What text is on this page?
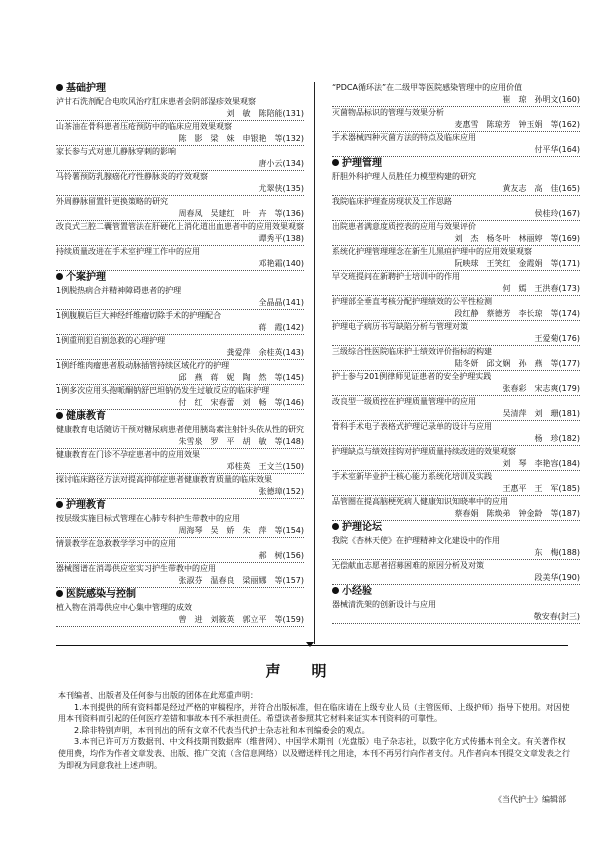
基础护理
泸甘石洗剂配合电吹风治疗肛床患者会阴部湿疹效果观察
刘　敏　陈陪能(131)
山茶油在骨科患者压疮预防中的临床应用效果观察
陈　影　梁　妹　申银艳　等(132)
家长参与式对患儿静脉穿刺的影响
唐小云(134)
马铃薯预防乳腺癌化疗性静脉炎的疗效观察
尤翠侠(135)
外周静脉留置针更换策略的研究
周春凤　吴建红　叶　卉　等(136)
改良式三腔二囊管置管法在肝硬化上消化道出血患者中的应用效果观察
谭秀平(138)
持续质量改进在手术室护理工作中的应用
邓艳霜(140)
个案护理
1例脱热病合并精神障碍患者的护理
全晶晶(141)
1例腹膜后巨大神经纤维瘤切除手术的护理配合
蒋　霞(142)
1例重刑犯自割急救的心理护理
龚爱萍　余桂英(143)
1例纤维肉瘤患者股动脉插管持续区域化疗的护理
邱　燕　蒋　妮　陶　然　等(145)
1例多次应用头孢哌酮钠舒巴坦钠仍发生过敏反应的临床护理
付　红　宋春蕾　刘　畅　等(146)
健康教育
健康教育电话随访干预对糖尿病患者使用胰岛素注射针头依从性的研究
朱雪泉　罗　平　胡　敏　等(148)
健康教育在门诊不孕症患者中的应用效果
邓桂英　王文兰(150)
探讨临床路径方法对提高抑郁症患者健康教育质量的临床效果
张德璋(152)
护理教育
按层级实施目标式管理在心肺专科护生带教中的应用
周海琴　吴　娇　朱　萍　等(154)
情景教学在急救教学学习中的应用
郝　树(156)
器械图谱在消毒供应室实习护生带教中的应用
张淑芬　温春良　梁丽娜　等(157)
医院感染与控制
植入物在消毒供应中心集中管理的成效
曾　进　刘筱英　郭立平　等(159)
“PDCA循环法”在二级甲等医院感染管理中的应用价值
崔　琼　孙明文(160)
灭菌物品标识的管理与效果分析
麦惠雪　陈琼芳　钟玉娟　等(162)
手术器械四种灭菌方法的特点及临床应用
付平华(164)
护理管理
肝胆外科护理人员胜任力模型构建的研究
黄友志　高　佳(165)
我院临床护理查房现状及工作思路
侯桂玲(167)
出院患者满意度质控表的应用与效果评价
刘　杰　杨冬叶　林丽婷　等(169)
系统化护理管理理念在新生儿黑疸护理中的应用效果观察
阮映球　王笑红　金霞娟　等(171)
早交班提问在新聘护士培训中的作用
何　嫣　王洪春(173)
护理部全垂直考核分配护理绩效的公平性检测
段红静　蔡德芳　李长琼　等(174)
护理电子病历书写缺陷分析与管理对策
王爱菊(176)
三级综合性医院临床护士绩效评价指标的构建
陆冬妍　邱文娴　孙　燕　等(177)
护士参与201例律师见证患者的安全护理实践
张春彩　宋志爽(179)
改良型一级质控在护理质量管理中的应用
吴清萍　刘　珊(181)
骨科手术电子表格式护理记录单的设计与应用
杨　珍(182)
护理缺点与绩效挂钩对护理质量持续改进的效果观察
刘　琴　李艳容(184)
手术室新毕业护士核心能力系统化培训及实践
王惠平　王　军(185)
品管圈在提高脑梗死病人健康知识知晓率中的应用
蔡春娟　陈焕弟　钟金龄　等(187)
护理论坛
我院《杏林天使》在护理精神文化建设中的作用
东　梅(188)
无偿献血志愿者招募困难的原因分析及对策
段美华(190)
小经验
器械清洗架的创新设计与应用
敬安春(封三)
声　明

本刊编者、出版者及任何参与出版的团体在此郑重声明：

1.本刊提供的所有资料都是经过严格的审稿程序，并符合出版标准，但在临床请在上级专业人员（主管医师、上级护师）指导下使用。对因使用本刊资料而引起的任何医疗差错和事故本刊不承担责任。希望读者参照其它材料来证实本刊资料的可靠性。

2.除非特别声明，本刊刊出的所有文章不代表当代护士杂志社和本刊编委会的观点。

3.本刊已许可万方数据刊、中文科技期刊数据库（维普网）、中国学术期刊（光盘版）电子杂志社，以数字化方式传播本刊全文。有关著作权使用费，均作为作者文章发表、出版、推广交流（含信息网络）以及赠送样刊之用途，本刊不再另行向作者支付。凡作者向本刊提交文章发表之行为即视为同意我社上述声明。

《当代护士》编辑部
